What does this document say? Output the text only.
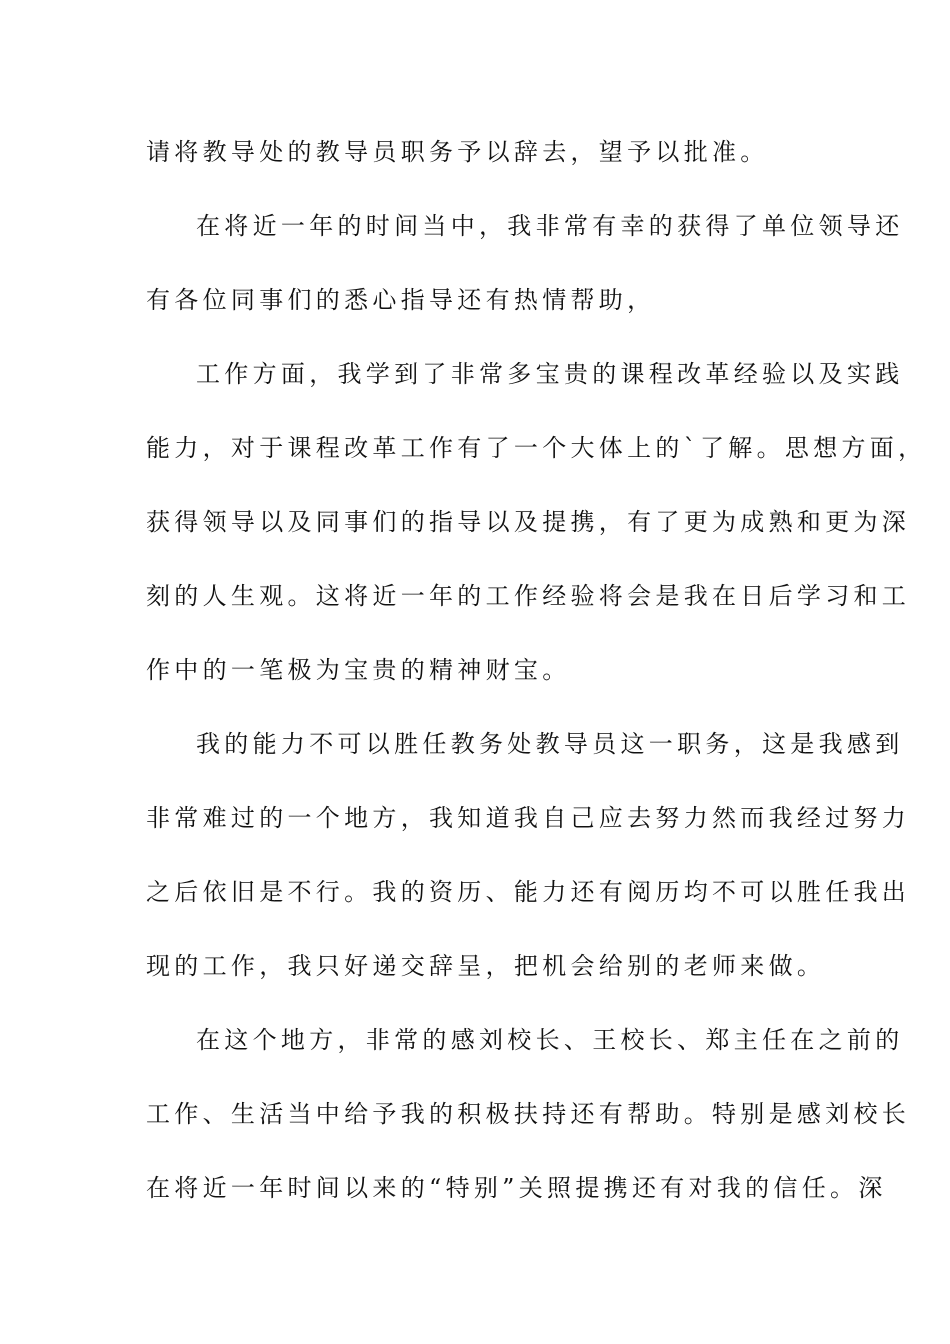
请将教导处的教导员职务予以辞去，望予以批准。
在将近一年的时间当中，我非常有幸的获得了单位领导还
有各位同事们的悉心指导还有热情帮助，
工作方面，我学到了非常多宝贵的课程改革经验以及实践
能力，对于课程改革工作有了一个大体上的`了解。思想方面，
获得领导以及同事们的指导以及提携，有了更为成熟和更为深
刻的人生观。这将近一年的工作经验将会是我在日后学习和工
作中的一笔极为宝贵的精神财宝。
我的能力不可以胜任教务处教导员这一职务，这是我感到
非常难过的一个地方，我知道我自己应去努力然而我经过努力
之后依旧是不行。我的资历、能力还有阅历均不可以胜任我出
现的工作，我只好递交辞呈，把机会给别的老师来做。
在这个地方，非常的感刘校长、王校长、郑主任在之前的
工作、生活当中给予我的积极扶持还有帮助。特别是感刘校长
在将近一年时间以来的“特别”关照提携还有对我的信任。深
